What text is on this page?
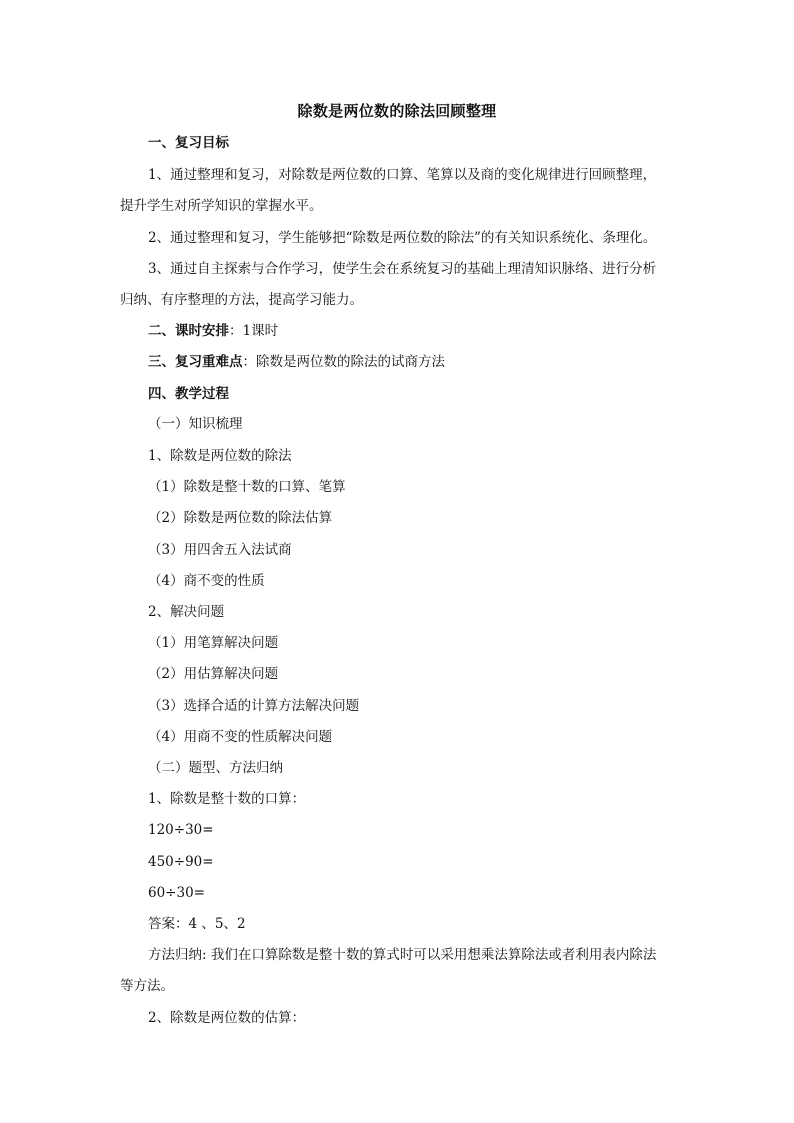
除数是两位数的除法回顾整理
一、复习目标
1、通过整理和复习，对除数是两位数的口算、笔算以及商的变化规律进行回顾整理，
提升学生对所学知识的掌握水平。
2、通过整理和复习，学生能够把“除数是两位数的除法”的有关知识系统化、条理化。
3、通过自主探索与合作学习，使学生会在系统复习的基础上理清知识脉络、进行分析
归纳、有序整理的方法，提高学习能力。
二、课时安排：1课时
三、复习重难点：除数是两位数的除法的试商方法
四、教学过程
（一）知识梳理
1、除数是两位数的除法
（1）除数是整十数的口算、笔算
（2）除数是两位数的除法估算
（3）用四舍五入法试商
（4）商不变的性质
2、解决问题
（1）用笔算解决问题
（2）用估算解决问题
（3）选择合适的计算方法解决问题
（4）用商不变的性质解决问题
（二）题型、方法归纳
1、除数是整十数的口算：
120÷30=
450÷90=
60÷30=
答案：4 、5、2
方法归纳: 我们在口算除数是整十数的算式时可以采用想乘法算除法或者利用表内除法
等方法。
2、除数是两位数的估算：
